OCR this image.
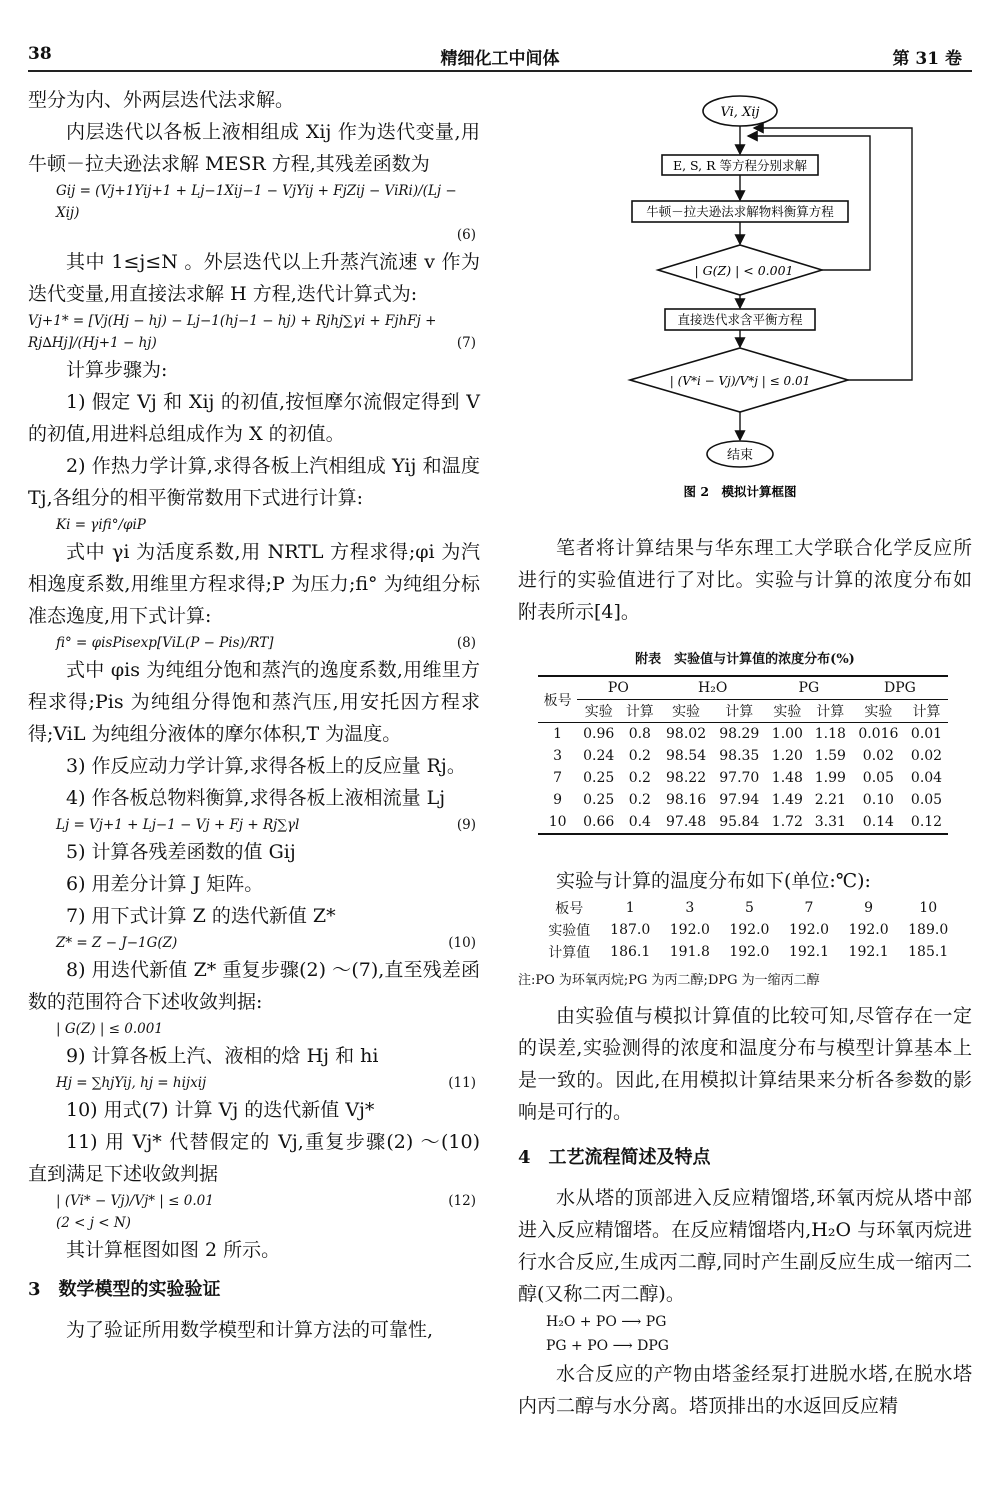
38	精细化工中间体	第 31 卷

型分为内、外两层迭代法求解。

内层迭代以各板上液相组成 Xij 作为迭代变量,用牛顿－拉夫逊法求解 MESR 方程,其残差函数为

Gij = (Vj+1Yij+1 + Lj−1Xij−1 − VjYij + FjZij − ViRi)/(Lj − Xij)
(6)

其中 1≤j≤N 。外层迭代以上升蒸汽流速 v 作为迭代变量,用直接法求解 H 方程,迭代计算式为:

Vj+1* = [Vj(Hj − hj) − Lj−1(hj−1 − hj) + Rjhj∑γi + FjhFj +
Rj∆Hj]/(Hj+1 − hj)	(7)

计算步骤为:

1) 假定 Vj 和 Xij 的初值,按恒摩尔流假定得到 V 的初值,用进料总组成作为 X 的初值。

2) 作热力学计算,求得各板上汽相组成 Yij 和温度 Tj,各组分的相平衡常数用下式进行计算:

Ki = γifi°/φiP

式中 γi 为活度系数,用 NRTL 方程求得;φi 为汽相逸度系数,用维里方程求得;P 为压力;fi° 为纯组分标准态逸度,用下式计算:

fi° = φisPisexp[ViL(P − Pis)/RT]	(8)

式中 φis 为纯组分饱和蒸汽的逸度系数,用维里方程求得;Pis 为纯组分得饱和蒸汽压,用安托因方程求得;ViL 为纯组分液体的摩尔体积,T 为温度。

3) 作反应动力学计算,求得各板上的反应量 Rj。

4) 作各板总物料衡算,求得各板上液相流量 Lj

Lj = Vj+1 + Lj−1 − Vj + Fj + Rj∑γl	(9)

5) 计算各残差函数的值 Gij

6) 用差分计算 J 矩阵。

7) 用下式计算 Z 的迭代新值 Z*

Z* = Z − J−1G(Z)	(10)

8) 用迭代新值 Z* 重复步骤(2) ～(7),直至残差函数的范围符合下述收敛判据:

| G(Z) | ≤ 0.001

9) 计算各板上汽、液相的焓 Hj 和 hi

Hj = ∑hjYij, hj = hijxij	(11)

10) 用式(7) 计算 Vj 的迭代新值 Vj*

11) 用 Vj* 代替假定的 Vj,重复步骤(2) ～(10) 直到满足下述收敛判据

| (Vi* − Vj)/Vj* | ≤ 0.01	(12)
(2 < j < N)

其计算框图如图 2 所示。

3　数学模型的实验验证

为了验证所用数学模型和计算方法的可靠性,

Vi, Xij
E, S, R 等方程分别求解
牛顿－拉夫逊法求解物料衡算方程
| G(Z) | < 0.001
直接迭代求含平衡方程
| (V*i − Vj)/V*j | ≤ 0.01
结束
图 2　模拟计算框图

笔者将计算结果与华东理工大学联合化学反应所进行的实验值进行了对比。实验与计算的浓度分布如附表所示[4]。

附表　实验值与计算值的浓度分布(%)
板号	PO		H₂O		PG		DPG	
	实验	计算	实验	计算	实验	计算	实验	计算
1	0.96	0.8	98.02	98.29	1.00	1.18	0.016	0.01
3	0.24	0.2	98.54	98.35	1.20	1.59	0.02	0.02
7	0.25	0.2	98.22	97.70	1.48	1.99	0.05	0.04
9	0.25	0.2	98.16	97.94	1.49	2.21	0.10	0.05
10	0.66	0.4	97.48	95.84	1.72	3.31	0.14	0.12

实验与计算的温度分布如下(单位:℃):

板号	1	3	5	7	9	10
实验值	187.0	192.0	192.0	192.0	192.0	189.0
计算值	186.1	191.8	192.0	192.1	192.1	185.1
注:PO 为环氧丙烷;PG 为丙二醇;DPG 为一缩丙二醇

由实验值与模拟计算值的比较可知,尽管存在一定的误差,实验测得的浓度和温度分布与模型计算基本上是一致的。因此,在用模拟计算结果来分析各参数的影响是可行的。

4　工艺流程简述及特点

水从塔的顶部进入反应精馏塔,环氧丙烷从塔中部进入反应精馏塔。在反应精馏塔内,H₂O 与环氧丙烷进行水合反应,生成丙二醇,同时产生副反应生成一缩丙二醇(又称二丙二醇)。

H₂O + PO ⟶ PG
PG + PO ⟶ DPG

水合反应的产物由塔釜经泵打进脱水塔,在脱水塔内丙二醇与水分离。塔顶排出的水返回反应精
